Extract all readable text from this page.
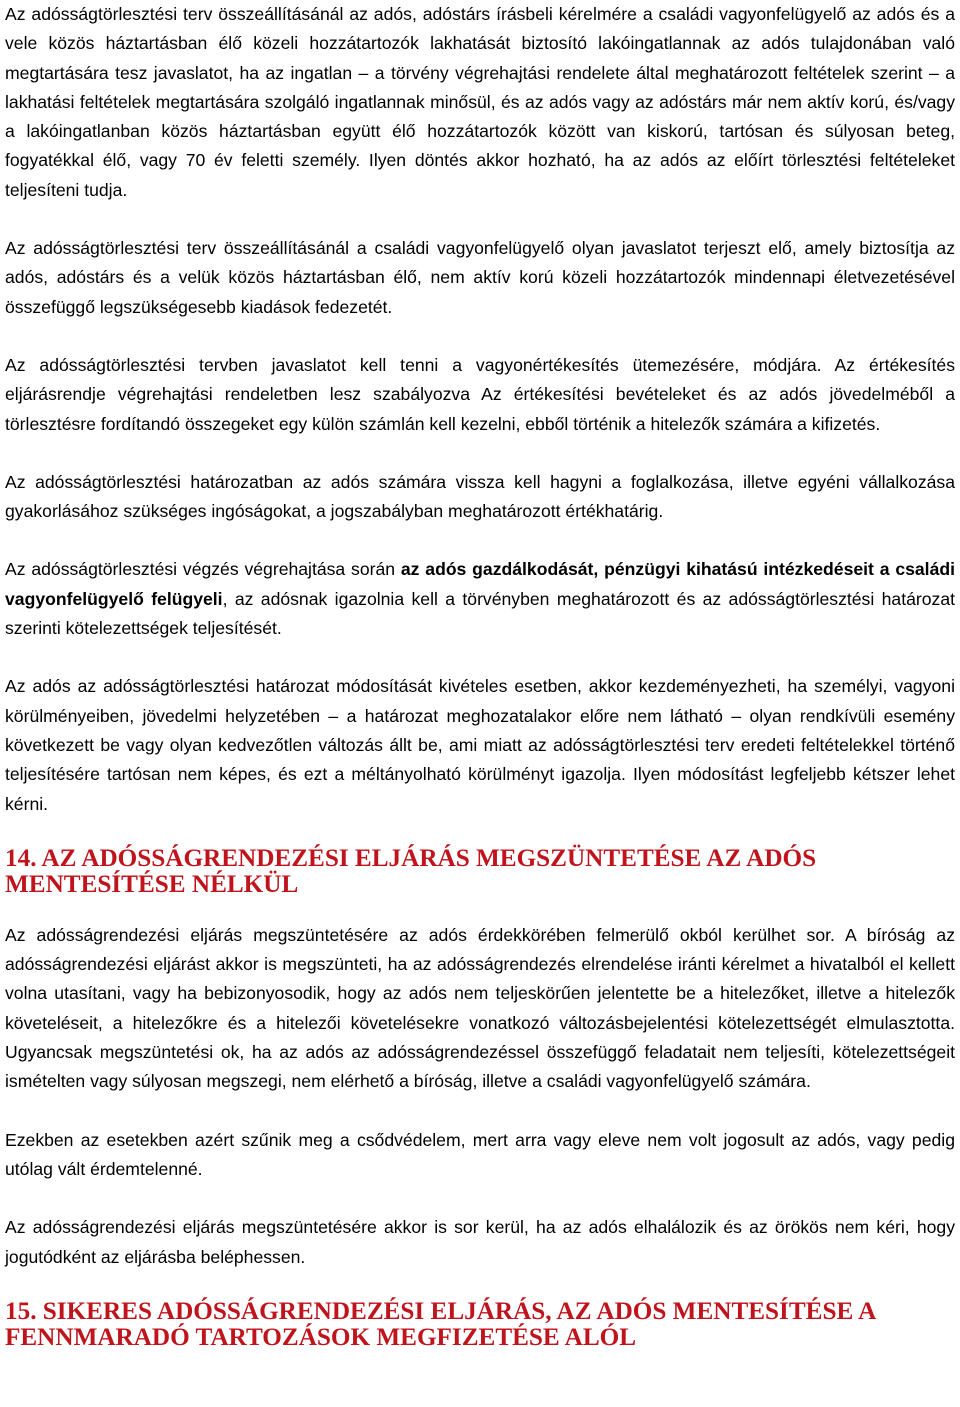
Az adósságtörlesztési terv összeállításánál az adós, adóstárs írásbeli kérelmére a családi vagyonfelügyelő az adós és a vele közös háztartásban élő közeli hozzátartozók lakhatását biztosító lakóingatlannak az adós tulajdonában való megtartására tesz javaslatot, ha az ingatlan – a törvény végrehajtási rendelete által meghatározott feltételek szerint – a lakhatási feltételek megtartására szolgáló ingatlannak minősül, és az adós vagy az adóstárs már nem aktív korú, és/vagy a lakóingatlanban közös háztartásban együtt élő hozzátartozók között van kiskorú, tartósan és súlyosan beteg, fogyatékkal élő, vagy 70 év feletti személy. Ilyen döntés akkor hozható, ha az adós az előírt törlesztési feltételeket teljesíteni tudja.

Az adósságtörlesztési terv összeállításánál a családi vagyonfelügyelő olyan javaslatot terjeszt elő, amely biztosítja az adós, adóstárs és a velük közös háztartásban élő, nem aktív korú közeli hozzátartozók mindennapi életvezetésével összefüggő legszükségesebb kiadások fedezetét.

Az adósságtörlesztési tervben javaslatot kell tenni a vagyonértékesítés ütemezésére, módjára. Az értékesítés eljárásrendje végrehajtási rendeletben lesz szabályozva Az értékesítési bevételeket és az adós jövedelméből a törlesztésre fordítandó összegeket egy külön számlán kell kezelni, ebből történik a hitelezők számára a kifizetés.

Az adósságtörlesztési határozatban az adós számára vissza kell hagyni a foglalkozása, illetve egyéni vállalkozása gyakorlásához szükséges ingóságokat, a jogszabályban meghatározott értékhatárig.

Az adósságtörlesztési végzés végrehajtása során az adós gazdálkodását, pénzügyi kihatású intézkedéseit a családi vagyonfelügyelő felügyeli, az adósnak igazolnia kell a törvényben meghatározott és az adósságtörlesztési határozat szerinti kötelezettségek teljesítését.

Az adós az adósságtörlesztési határozat módosítását kivételes esetben, akkor kezdeményezheti, ha személyi, vagyoni körülményeiben, jövedelmi helyzetében – a határozat meghozatalakor előre nem látható – olyan rendkívüli esemény következett be vagy olyan kedvezőtlen változás állt be, ami miatt az adósságtörlesztési terv eredeti feltételekkel történő teljesítésére tartósan nem képes, és ezt a méltányolható körülményt igazolja. Ilyen módosítást legfeljebb kétszer lehet kérni.

14. AZ ADÓSSÁGRENDEZÉSI ELJÁRÁS MEGSZÜNTETÉSE AZ ADÓS MENTESÍTÉSE NÉLKÜL

Az adósságrendezési eljárás megszüntetésére az adós érdekkörében felmerülő okból kerülhet sor. A bíróság az adósságrendezési eljárást akkor is megszünteti, ha az adósságrendezés elrendelése iránti kérelmet a hivatalból el kellett volna utasítani, vagy ha bebizonyosodik, hogy az adós nem teljeskörűen jelentette be a hitelezőket, illetve a hitelezők követeléseit, a hitelezőkre és a hitelezői követelésekre vonatkozó változásbejelentési kötelezettségét elmulasztotta. Ugyancsak megszüntetési ok, ha az adós az adósságrendezéssel összefüggő feladatait nem teljesíti, kötelezettségeit ismételten vagy súlyosan megszegi, nem elérhető a bíróság, illetve a családi vagyonfelügyelő számára.

Ezekben az esetekben azért szűnik meg a csődvédelem, mert arra vagy eleve nem volt jogosult az adós, vagy pedig utólag vált érdemtelenné.

Az adósságrendezési eljárás megszüntetésére akkor is sor kerül, ha az adós elhalálozik és az örökös nem kéri, hogy jogutódként az eljárásba beléphessen.

15. SIKERES ADÓSSÁGRENDEZÉSI ELJÁRÁS, AZ ADÓS MENTESÍTÉSE A FENNMARADÓ TARTOZÁSOK MEGFIZETÉSE ALÓL
